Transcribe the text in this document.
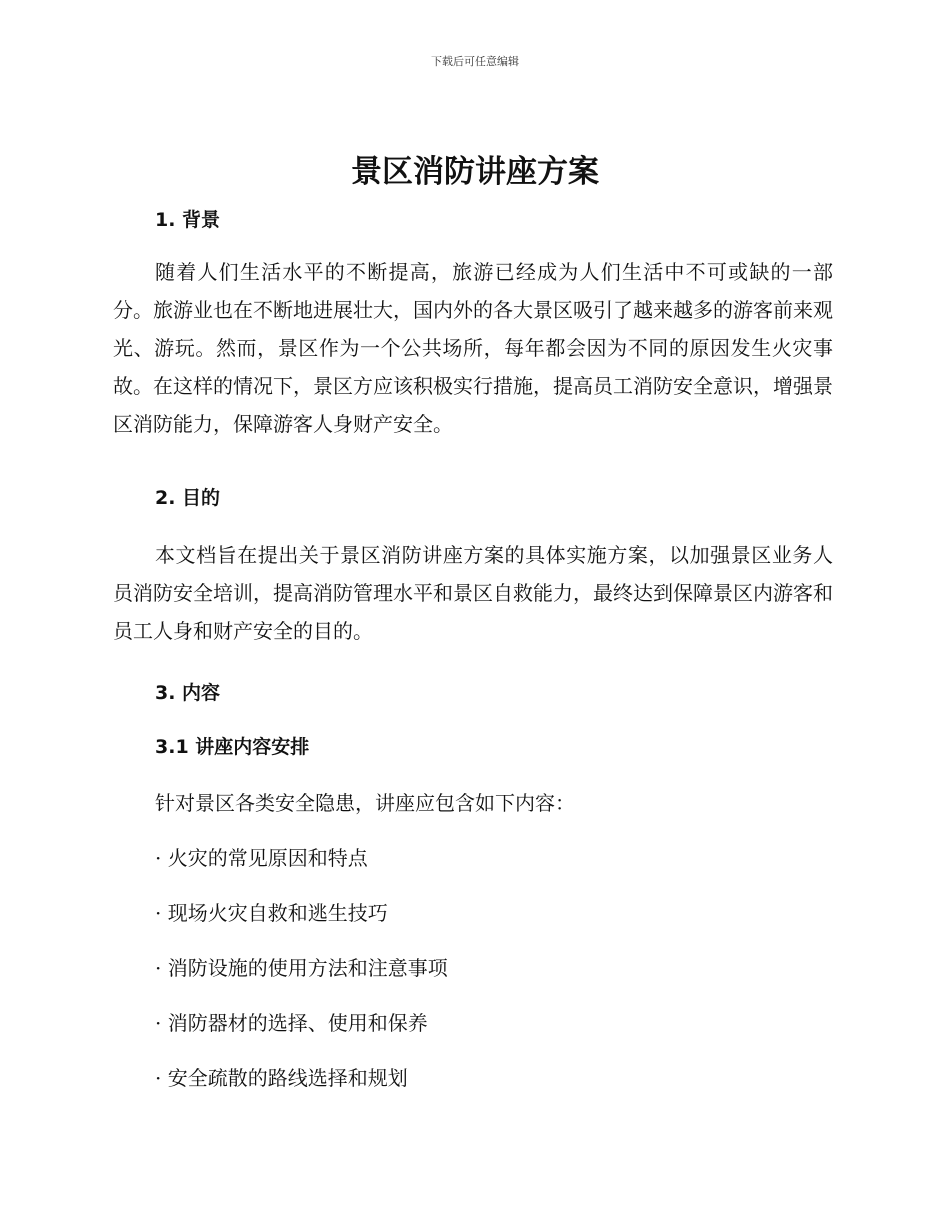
下载后可任意编辑
景区消防讲座方案
1. 背景

随着人们生活水平的不断提高，旅游已经成为人们生活中不可或缺的一部分。旅游业也在不断地进展壮大，国内外的各大景区吸引了越来越多的游客前来观光、游玩。然而，景区作为一个公共场所，每年都会因为不同的原因发生火灾事故。在这样的情况下，景区方应该积极实行措施，提高员工消防安全意识，增强景区消防能力，保障游客人身财产安全。

2. 目的

本文档旨在提出关于景区消防讲座方案的具体实施方案，以加强景区业务人员消防安全培训，提高消防管理水平和景区自救能力，最终达到保障景区内游客和员工人身和财产安全的目的。

3. 内容
3.1 讲座内容安排

针对景区各类安全隐患，讲座应包含如下内容：

· 火灾的常见原因和特点

· 现场火灾自救和逃生技巧

· 消防设施的使用方法和注意事项

· 消防器材的选择、使用和保养

· 安全疏散的路线选择和规划
